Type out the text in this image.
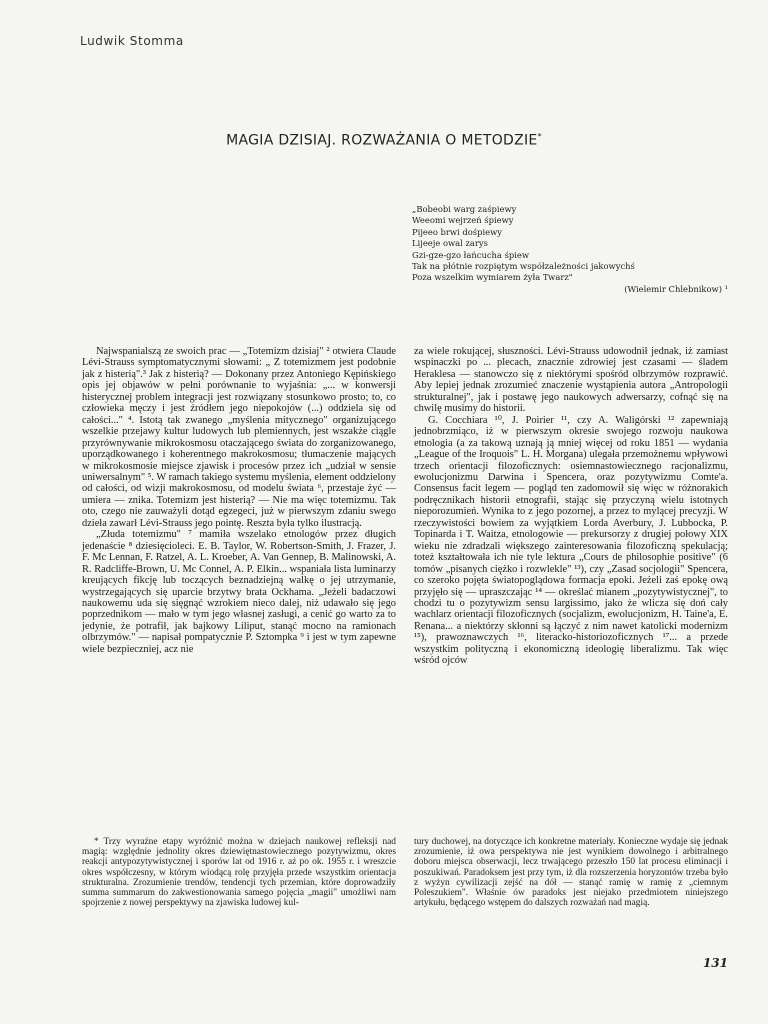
Ludwik Stomma
MAGIA DZISIAJ. ROZWAŻANIA O METODZIE*
„Bobeobi warg zaśpiewy
Weeomi wejrzeń śpiewy
Pijeeo brwi dośpiewy
Lijeeje owal zarys
Gzi-gze-gzo łańcucha śpiew
Tak na płótnie rozpiętym współzależności jakowychś
Poza wszelkim wymiarem żyła Twarz"
(Wielemir Chlebnikow) ¹

Najwspanialszą ze swoich prac — „Totemizm dzisiaj" ² otwiera Claude Lévi-Strauss symptomatycznymi słowami: „ Z totemizmem jest podobnie jak z histerią".³ Jak z histerią? — Dokonany przez Antoniego Kępińskiego opis jej objawów w pełni porównanie to wyjaśnia: „... w konwersji histerycznej problem integracji jest rozwiązany stosunkowo prosto; to, co człowieka męczy i jest źródłem jego niepokojów (...) oddziela się od całości..." ⁴. Istotą tak zwanego „myślenia mitycznego" organizującego wszelkie przejawy kultur ludowych lub plemiennych, jest wszakże ciągle przyrównywanie mikrokosmosu otaczającego świata do zorganizowanego, uporządkowanego i koherentnego makrokosmosu; tłumaczenie mających w mikrokosmosie miejsce zjawisk i procesów przez ich „udział w sensie uniwersalnym" ⁵. W ramach takiego systemu myślenia, element oddzielony od całości, od wizji makrokosmosu, od modelu świata ⁶, przestaje żyć — umiera — znika. Totemizm jest histerią? — Nie ma więc totemizmu. Tak oto, czego nie zauważyli dotąd egzegeci, już w pierwszym zdaniu swego dzieła zawarł Lévi-Strauss jego pointę. Reszta była tylko ilustracją.

„Złuda totemizmu" ⁷ mamiła wszelako etnologów przez długich jedenaście ⁸ dziesięcioleci. E. B. Taylor, W. Robertson-Smith, J. Frazer, J. F. Mc Lennan, F. Ratzel, A. L. Kroeber, A. Van Gennep, B. Malinowski, A. R. Radcliffe-Brown, U. Mc Connel, A. P. Elkin... wspaniała lista luminarzy kreujących fikcję lub toczących beznadziejną walkę o jej utrzymanie, wystrzegających się uparcie brzytwy brata Ockhama. „Jeżeli badaczowi naukowemu uda się sięgnąć wzrokiem nieco dalej, niż udawało się jego poprzednikom — mało w tym jego własnej zasługi, a cenić go warto za to jedynie, że potrafił, jak bajkowy Liliput, stanąć mocno na ramionach olbrzymów." — napisał pompatycznie P. Sztompka ⁹ i jest w tym zapewne wiele bezpieczniej, acz nie

za wiele rokującej, słuszności. Lévi-Strauss udowodnił jednak, iż zamiast wspinaczki po ... plecach, znacznie zdrowiej jest czasami — śladem Heraklesa — stanowczo się z niektórymi spośród olbrzymów rozprawić. Aby lepiej jednak zrozumieć znaczenie wystąpienia autora „Antropologii strukturalnej", jak i postawę jego naukowych adwersarzy, cofnąć się na chwilę musimy do historii.

G. Cocchiara ¹⁰, J. Poirier ¹¹, czy A. Waligórski ¹² zapewniają jednobrzmiąco, iż w pierwszym okresie swojego rozwoju naukowa etnologia (a za takową uznają ją mniej więcej od roku 1851 — wydania „League of the Iroquois" L. H. Morgana) ulegała przemożnemu wpływowi trzech orientacji filozoficznych: osiemnastowiecznego racjonalizmu, ewolucjonizmu Darwina i Spencera, oraz pozytywizmu Comte'a. Consensus facit legem — pogląd ten zadomowił się więc w różnorakich podręcznikach historii etnografii, stając się przyczyną wielu istotnych nieporozumień. Wynika to z jego pozornej, a przez to mylącej precyzji. W rzeczywistości bowiem za wyjątkiem Lorda Averbury, J. Lubbocka, P. Topinarda i T. Waitza, etnologowie — prekursorzy z drugiej połowy XIX wieku nie zdradzali większego zainteresowania filozoficzną spekulacją; toteż kształtowała ich nie tyle lektura „Cours de philosophie positive" (6 tomów „pisanych ciężko i rozwlekle" ¹³), czy „Zasad socjologii" Spencera, co szeroko pojęta światopoglądowa formacja epoki. Jeżeli zaś epokę ową przyjęło się — upraszczając ¹⁴ — określać mianem „pozytywistycznej", to chodzi tu o pozytywizm sensu largissimo, jako że wlicza się doń cały wachlarz orientacji filozoficznych (socjalizm, ewolucjonizm, H. Taine'a, E. Renana... a niektórzy skłonni są łączyć z nim nawet katolicki modernizm ¹⁵), prawoznawczych ¹⁶, literacko-historiozoficznych ¹⁷... a przede wszystkim polityczną i ekonomiczną ideologię liberalizmu. Tak więc wśród ojców

* Trzy wyraźne etapy wyróżnić można w dziejach naukowej refleksji nad magią: względnie jednolity okres dziewiętnastowiecznego pozytywizmu, okres reakcji antypozytywistycznej i sporów lat od 1916 r. aż po ok. 1955 r. i wreszcie okres współczesny, w którym wiodącą rolę przyjęła przede wszystkim orientacja strukturalna. Zrozumienie trendów, tendencji tych przemian, które doprowadziły summa summarum do zakwestionowania samego pojęcia „magii" umożliwi nam spojrzenie z nowej perspektywy na zjawiska ludowej kul-

tury duchowej, na dotyczące ich konkretne materiały. Konieczne wydaje się jednak zrozumienie, iż owa perspektywa nie jest wynikiem dowolnego i arbitralnego doboru miejsca obserwacji, lecz trwającego przeszło 150 lat procesu eliminacji i poszukiwań. Paradoksem jest przy tym, iż dla rozszerzenia horyzontów trzeba było z wyżyn cywilizacji zejść na dół — stanąć ramię w ramię z „ciemnym Poleszukiem". Właśnie ów paradoks jest niejako przedmiotem niniejszego artykułu, będącego wstępem do dalszych rozważań nad magią.

131
